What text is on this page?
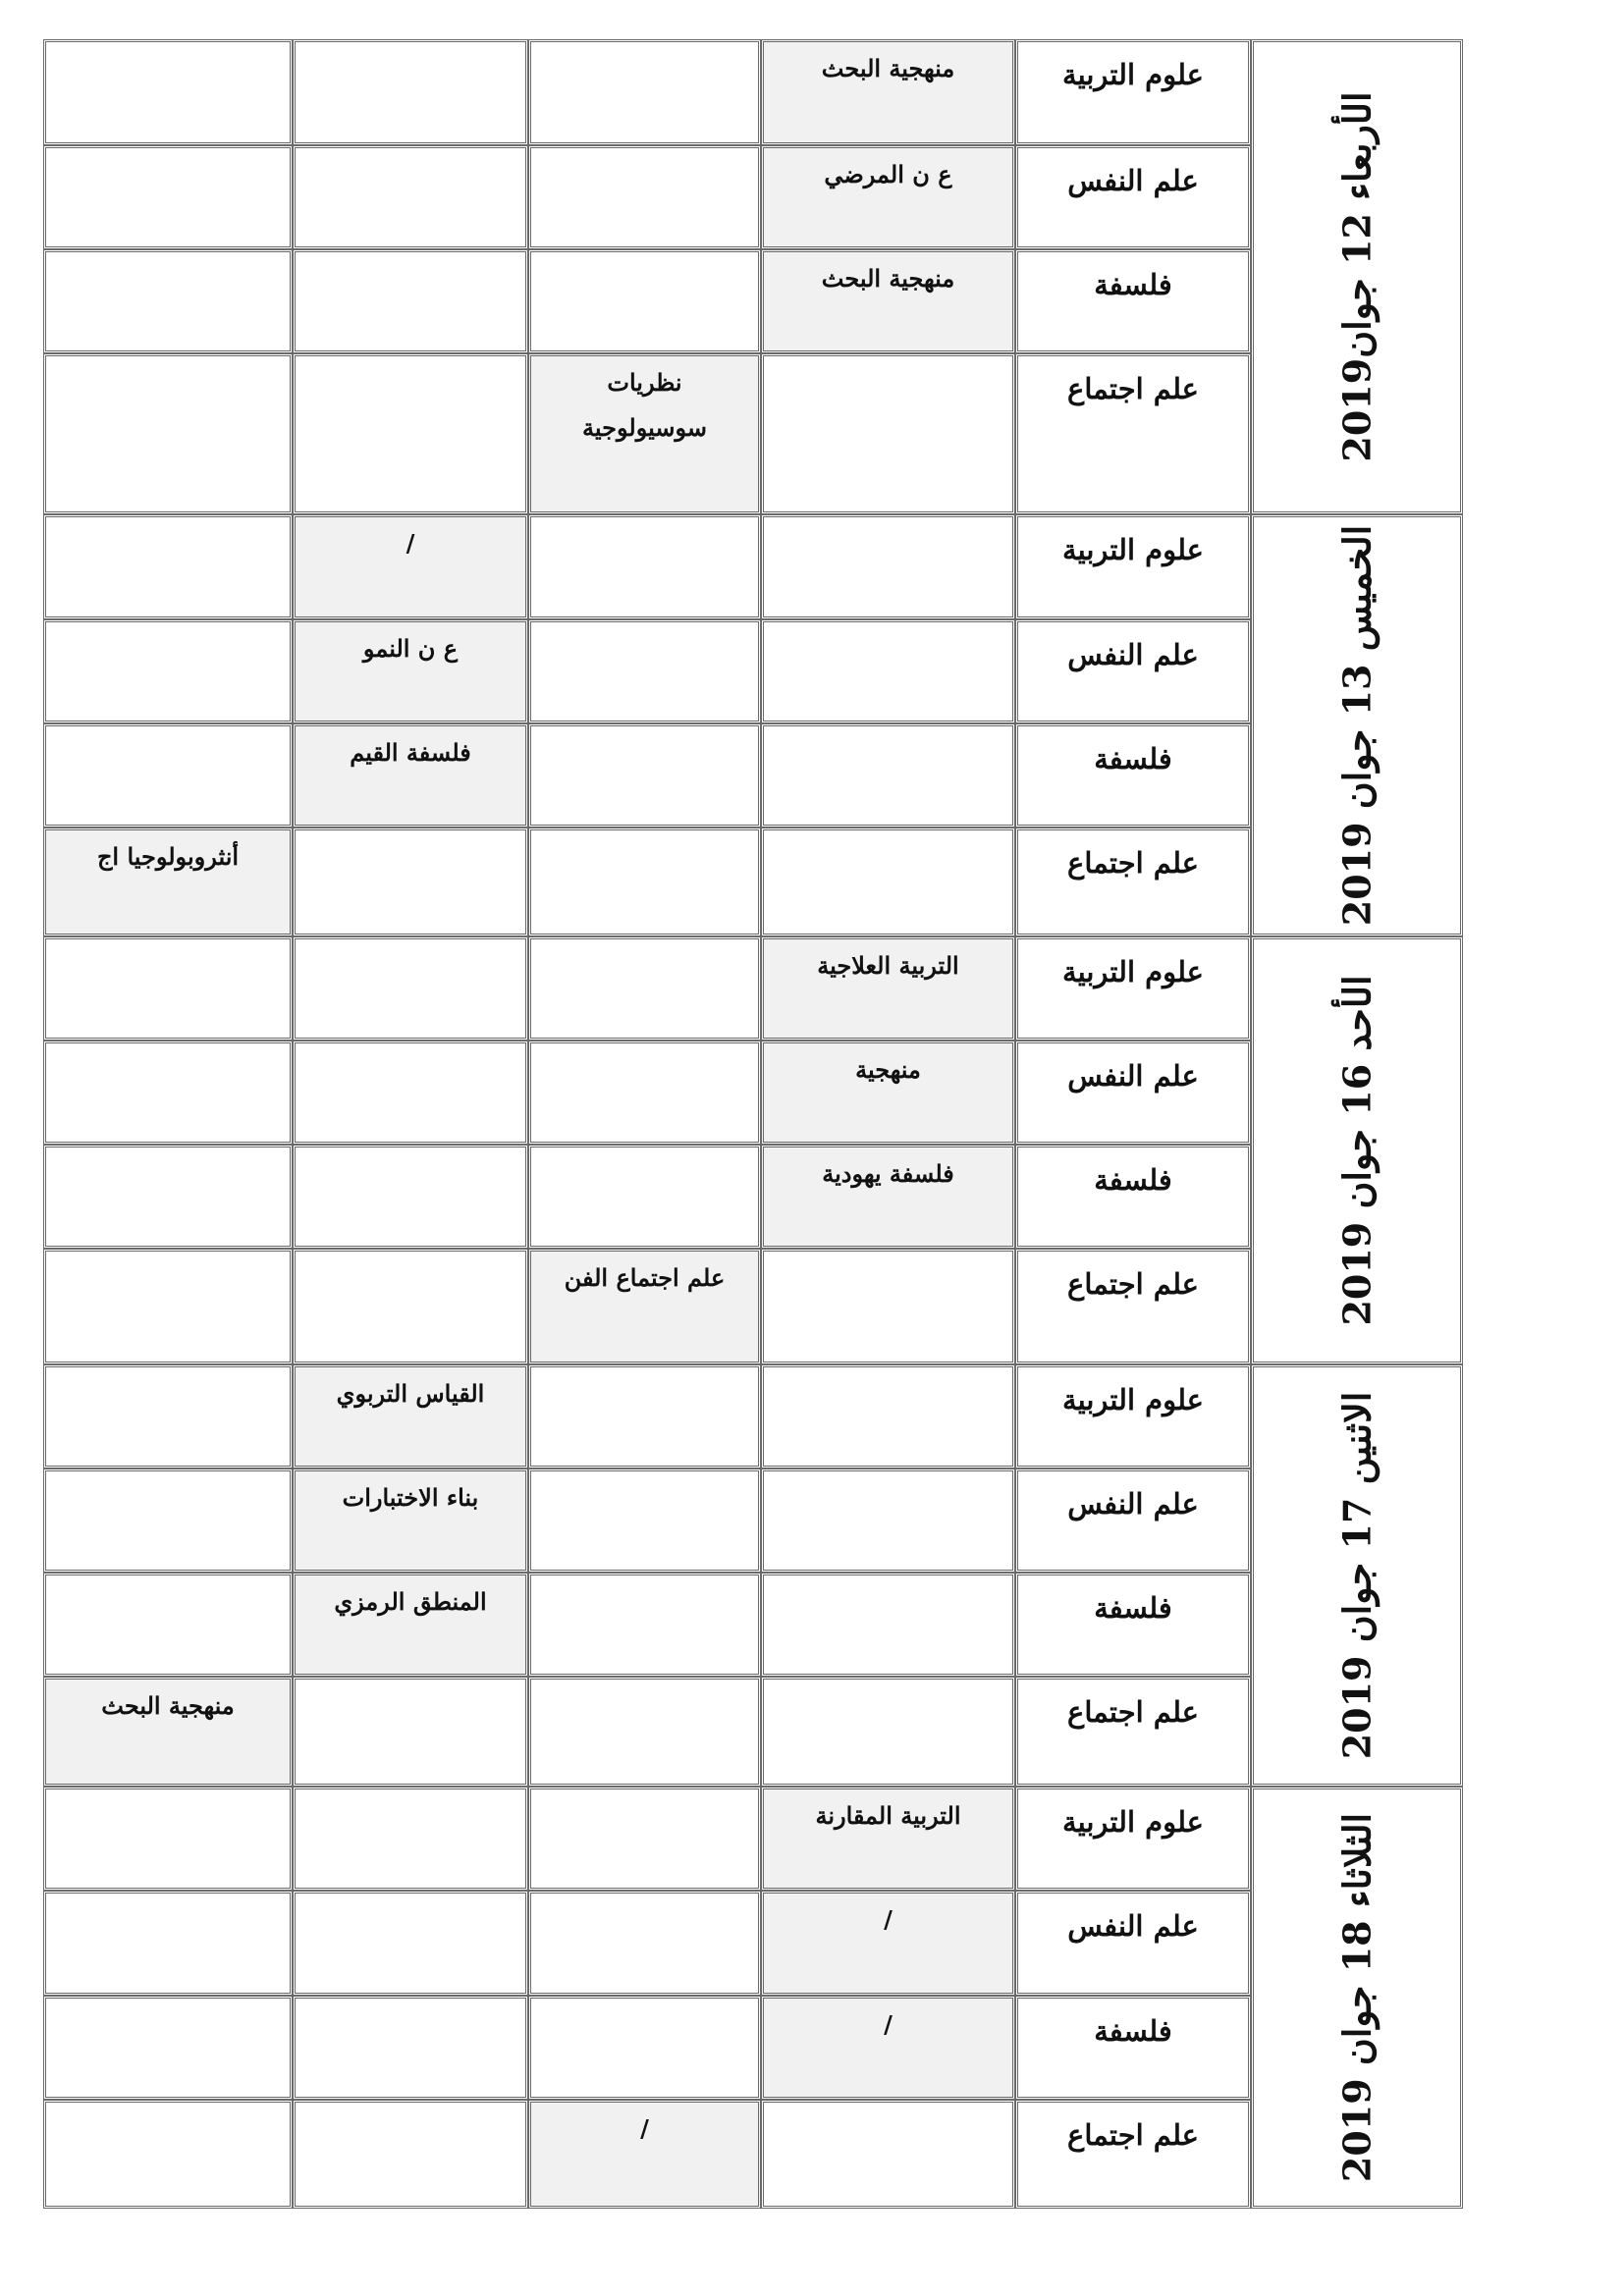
الأربعاء 12 جوان2019
علوم التربية
منهجية البحث
علم النفس
ع ن المرضي
فلسفة
منهجية البحث
علم اجتماع
نظريات
سوسيولوجية
الخميس 13 جوان 2019
علوم التربية
/
علم النفس
ع ن النمو
فلسفة
فلسفة القيم
علم اجتماع
أنثروبولوجيا اج
الأحد 16 جوان 2019
علوم التربية
التربية العلاجية
علم النفس
منهجية
فلسفة
فلسفة يهودية
علم اجتماع
علم اجتماع الفن
الاثنين 17 جوان 2019
علوم التربية
القياس التربوي
علم النفس
بناء الاختبارات
فلسفة
المنطق الرمزي
علم اجتماع
منهجية البحث
الثلاثاء 18 جوان 2019
علوم التربية
التربية المقارنة
علم النفس
/
فلسفة
/
علم اجتماع
/
